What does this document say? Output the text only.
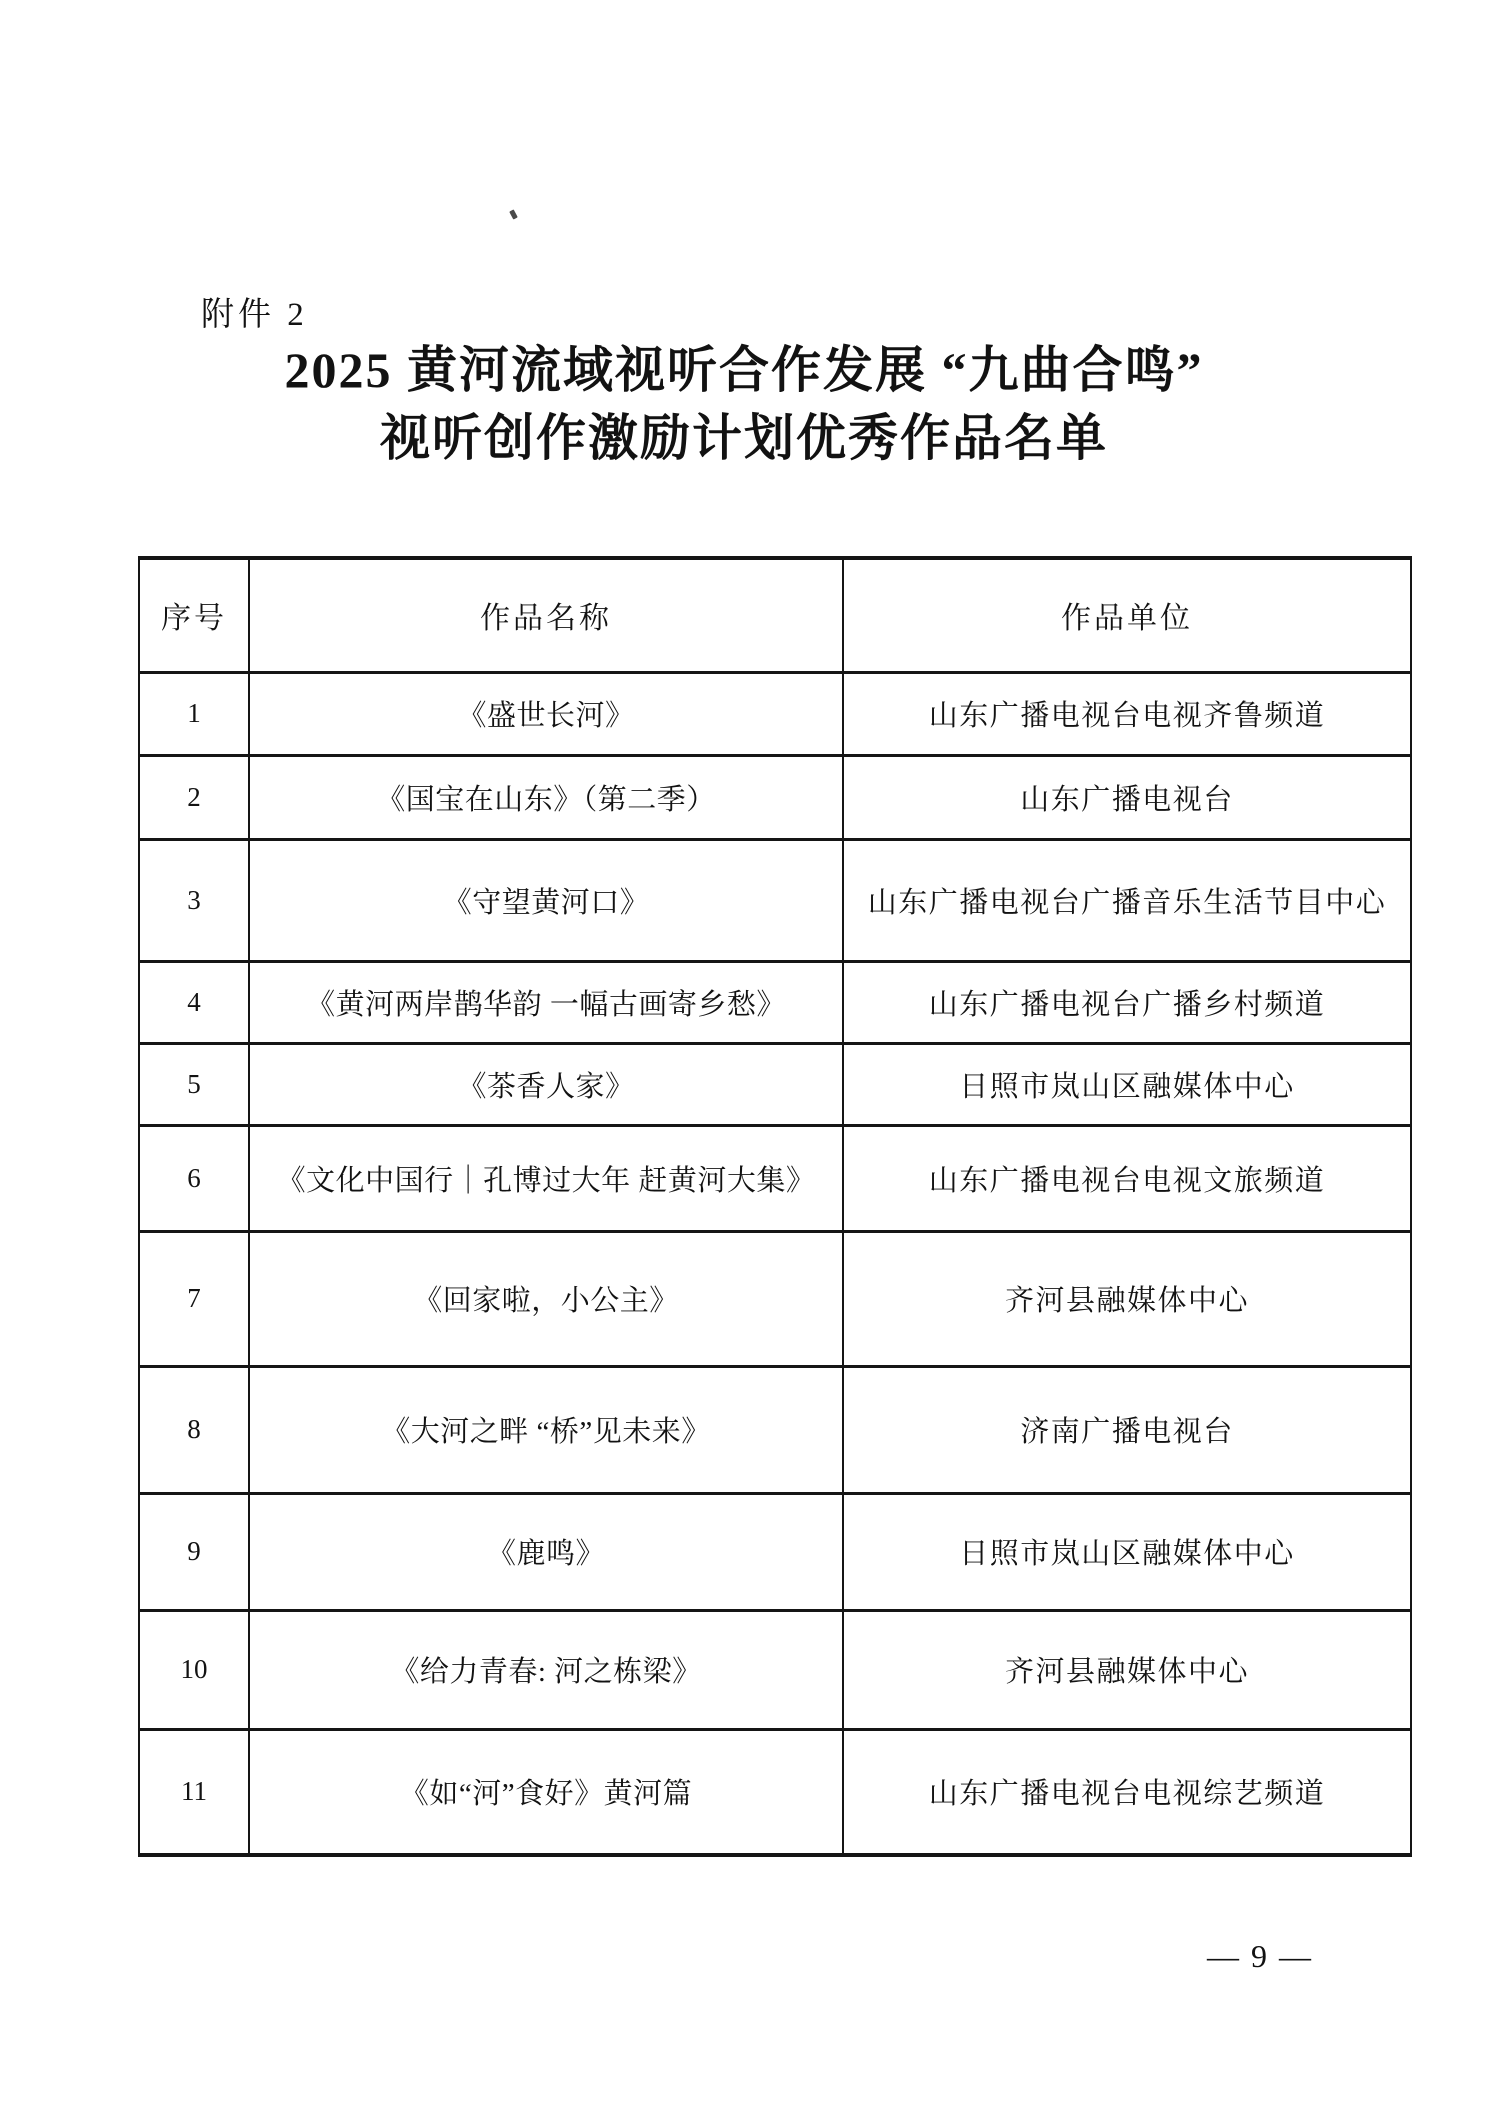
附件 2
2025 黄河流域视听合作发展 “九曲合鸣”
视听创作激励计划优秀作品名单
序号	作品名称	作品单位
1	《盛世长河》	山东广播电视台电视齐鲁频道
2	《国宝在山东》（第二季）	山东广播电视台
3	《守望黄河口》	山东广播电视台广播音乐生活节目中心
4	《黄河两岸鹊华韵 一幅古画寄乡愁》	山东广播电视台广播乡村频道
5	《茶香人家》	日照市岚山区融媒体中心
6	《文化中国行｜孔博过大年 赶黄河大集》	山东广播电视台电视文旅频道
7	《回家啦，小公主》	齐河县融媒体中心
8	《大河之畔 “桥”见未来》	济南广播电视台
9	《鹿鸣》	日照市岚山区融媒体中心
10	《给力青春: 河之栋梁》	齐河县融媒体中心
11	《如“河”食好》黄河篇	山东广播电视台电视综艺频道
— 9 —
